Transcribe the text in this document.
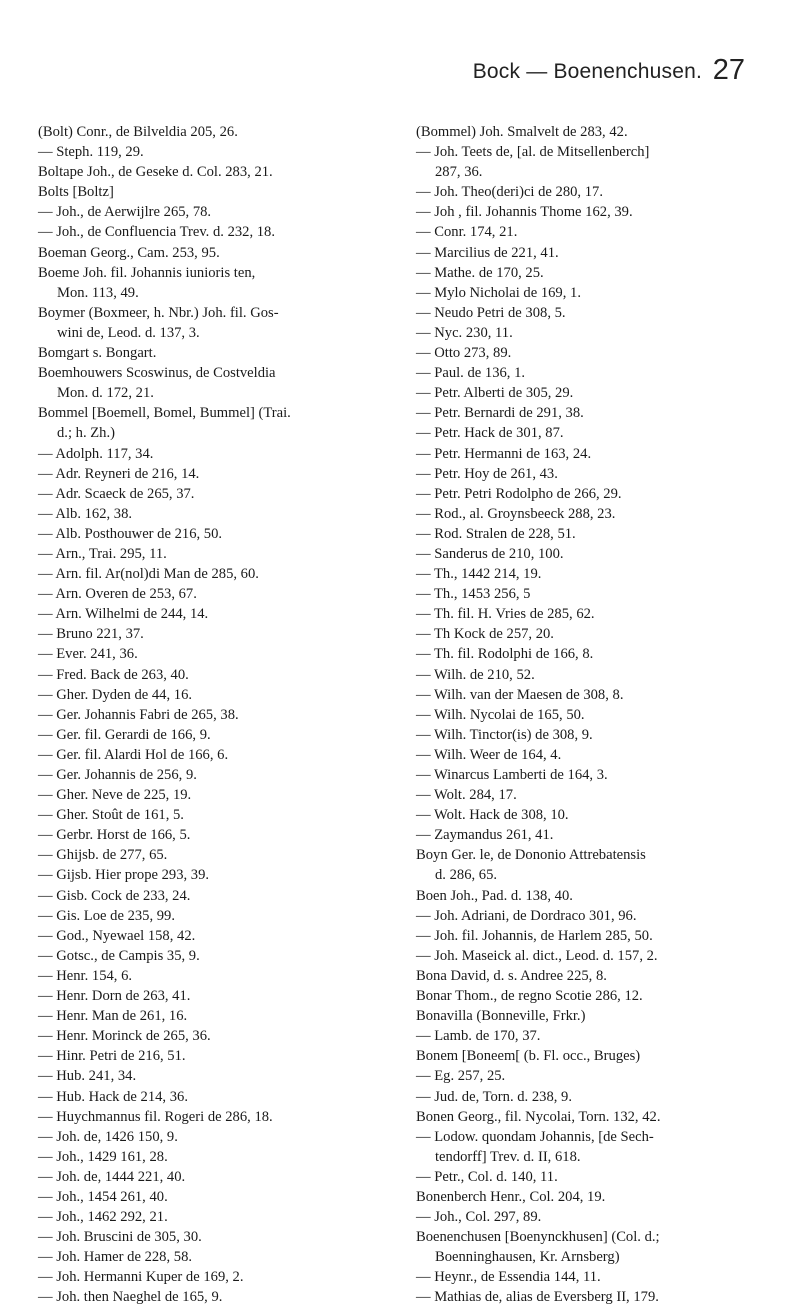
Bock — Boenenchusen. 27
(Bolt) Conr., de Bilveldia 205, 26.
— Steph. 119, 29.
Boltape Joh., de Geseke d. Col. 283, 21.
Bolts [Boltz]
— Joh., de Aerwijlre 265, 78.
— Joh., de Confluencia Trev. d. 232, 18.
Boeman Georg., Cam. 253, 95.
Boeme Joh. fil. Johannis iunioris ten,
Mon. 113, 49.
Boymer (Boxmeer, h. Nbr.) Joh. fil. Gos-
wini de, Leod. d. 137, 3.
Bomgart s. Bongart.
Boemhouwers Scoswinus, de Costveldia
Mon. d. 172, 21.
Bommel [Boemell, Bomel, Bummel] (Trai.
d.; h. Zh.)
— Adolph. 117, 34.
— Adr. Reyneri de 216, 14.
— Adr. Scaeck de 265, 37.
— Alb. 162, 38.
— Alb. Posthouwer de 216, 50.
— Arn., Trai. 295, 11.
— Arn. fil. Ar(nol)di Man de 285, 60.
— Arn. Overen de 253, 67.
— Arn. Wilhelmi de 244, 14.
— Bruno 221, 37.
— Ever. 241, 36.
— Fred. Back de 263, 40.
— Gher. Dyden de 44, 16.
— Ger. Johannis Fabri de 265, 38.
— Ger. fil. Gerardi de 166, 9.
— Ger. fil. Alardi Hol de 166, 6.
— Ger. Johannis de 256, 9.
— Gher. Neve de 225, 19.
— Gher. Stoût de 161, 5.
— Gerbr. Horst de 166, 5.
— Ghijsb. de 277, 65.
— Gijsb. Hier prope 293, 39.
— Gisb. Cock de 233, 24.
— Gis. Loe de 235, 99.
— God., Nyewael 158, 42.
— Gotsc., de Campis 35, 9.
— Henr. 154, 6.
— Henr. Dorn de 263, 41.
— Henr. Man de 261, 16.
— Henr. Morinck de 265, 36.
— Hinr. Petri de 216, 51.
— Hub. 241, 34.
— Hub. Hack de 214, 36.
— Huychmannus fil. Rogeri de 286, 18.
— Joh. de, 1426 150, 9.
— Joh., 1429 161, 28.
— Joh. de, 1444 221, 40.
— Joh., 1454 261, 40.
— Joh., 1462 292, 21.
— Joh. Bruscini de 305, 30.
— Joh. Hamer de 228, 58.
— Joh. Hermanni Kuper de 169, 2.
— Joh. then Naeghel de 165, 9.
(Bommel) Joh. Smalvelt de 283, 42.
— Joh. Teets de, [al. de Mitsellenberch]
287, 36.
— Joh. Theo(deri)ci de 280, 17.
— Joh , fil. Johannis Thome 162, 39.
— Conr. 174, 21.
— Marcilius de 221, 41.
— Mathe. de 170, 25.
— Mylo Nicholai de 169, 1.
— Neudo Petri de 308, 5.
— Nyc. 230, 11.
— Otto 273, 89.
— Paul. de 136, 1.
— Petr. Alberti de 305, 29.
— Petr. Bernardi de 291, 38.
— Petr. Hack de 301, 87.
— Petr. Hermanni de 163, 24.
— Petr. Hoy de 261, 43.
— Petr. Petri Rodolpho de 266, 29.
— Rod., al. Groynsbeeck 288, 23.
— Rod. Stralen de 228, 51.
— Sanderus de 210, 100.
— Th., 1442 214, 19.
— Th., 1453 256, 5
— Th. fil. H. Vries de 285, 62.
— Th Kock de 257, 20.
— Th. fil. Rodolphi de 166, 8.
— Wilh. de 210, 52.
— Wilh. van der Maesen de 308, 8.
— Wilh. Nycolai de 165, 50.
— Wilh. Tinctor(is) de 308, 9.
— Wilh. Weer de 164, 4.
— Winarcus Lamberti de 164, 3.
— Wolt. 284, 17.
— Wolt. Hack de 308, 10.
— Zaymandus 261, 41.
Boyn Ger. le, de Dononio Attrebatensis
d. 286, 65.
Boen Joh., Pad. d. 138, 40.
— Joh. Adriani, de Dordraco 301, 96.
— Joh. fil. Johannis, de Harlem 285, 50.
— Joh. Maseick al. dict., Leod. d. 157, 2.
Bona David, d. s. Andree 225, 8.
Bonar Thom., de regno Scotie 286, 12.
Bonavilla (Bonneville, Frkr.)
— Lamb. de 170, 37.
Bonem [Boneem[ (b. Fl. occ., Bruges)
— Eg. 257, 25.
— Jud. de, Torn. d. 238, 9.
Bonen Georg., fil. Nycolai, Torn. 132, 42.
— Lodow. quondam Johannis, [de Sech-
tendorff] Trev. d. II, 618.
— Petr., Col. d. 140, 11.
Bonenberch Henr., Col. 204, 19.
— Joh., Col. 297, 89.
Boenenchusen [Boenynckhusen] (Col. d.;
Boenninghausen, Kr. Arnsberg)
— Heynr., de Essendia 144, 11.
— Mathias de, alias de Eversberg II, 179.
